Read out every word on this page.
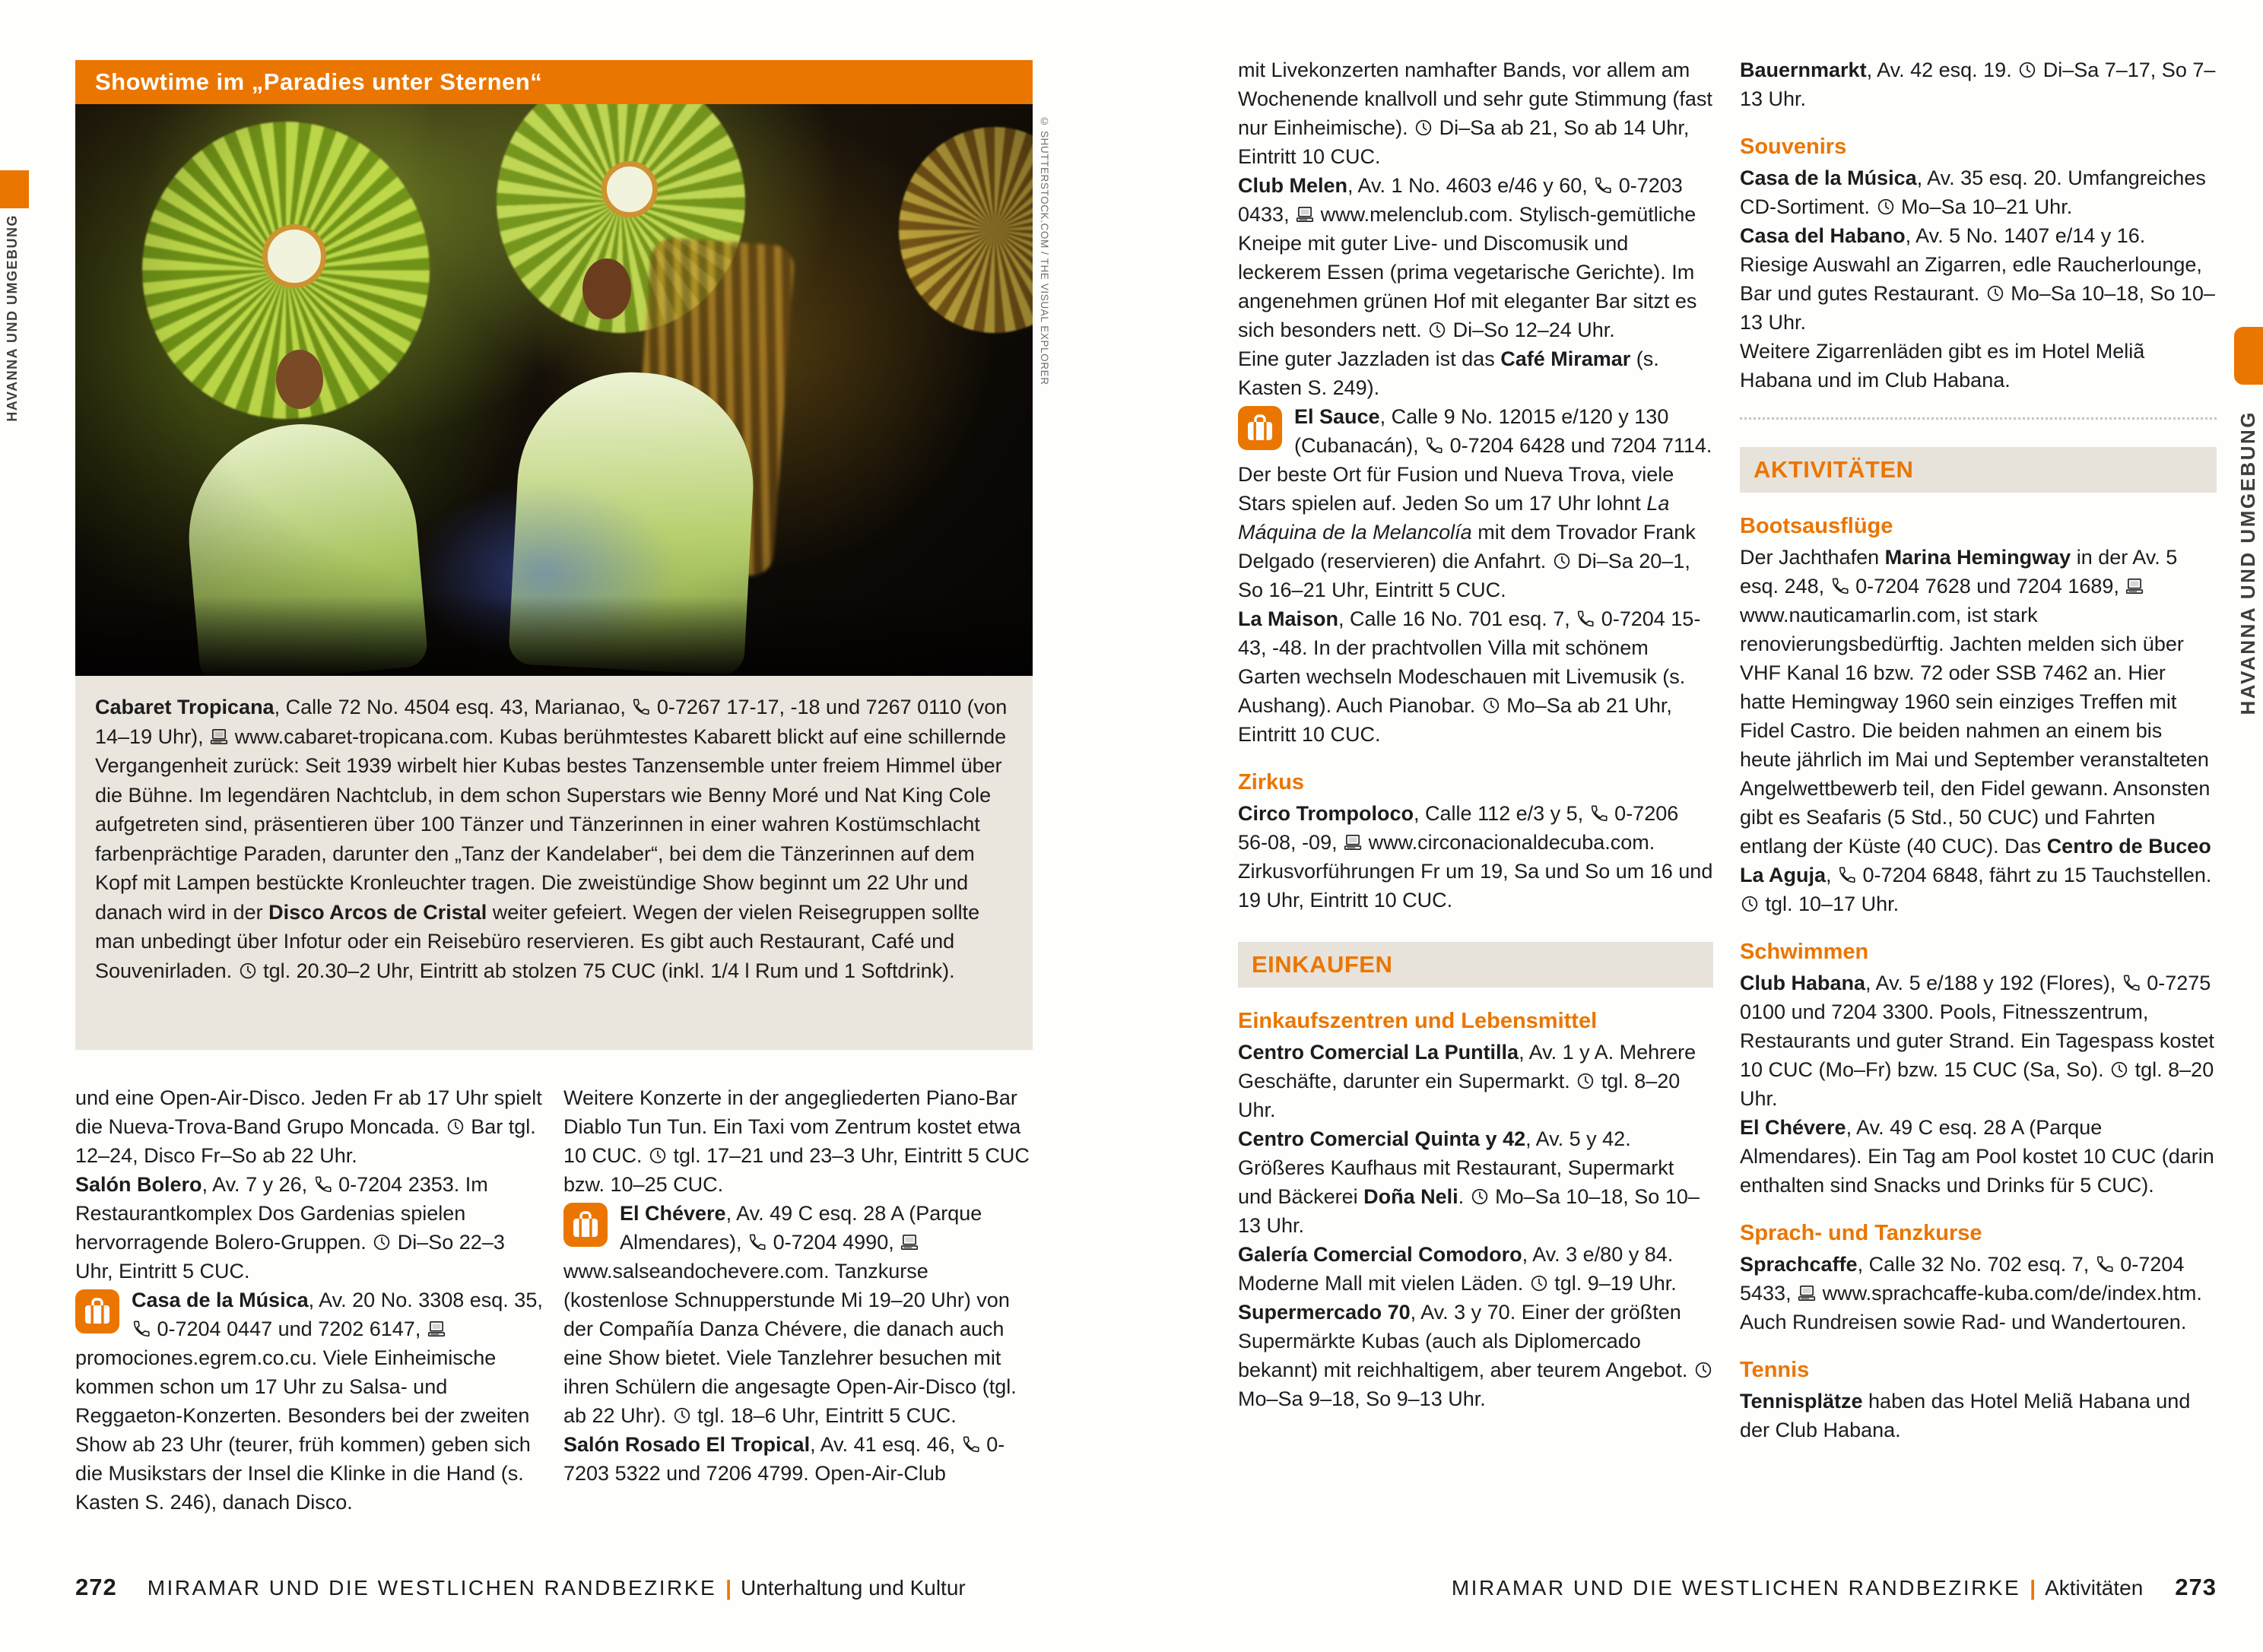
HAVANNA UND UMGEBUNG
HAVANNA UND UMGEBUNG
Showtime im „Paradies unter Sternen“
© SHUTTERSTOCK.COM / THE VISUAL EXPLORER
Cabaret Tropicana, Calle 72 No. 4504 esq. 43, Marianao,  0-7267 17-17, -18 und 7267 0110 (von 14–19 Uhr),  www.cabaret-tropicana.com. Kubas berühmtestes Kabarett blickt auf eine schillernde Vergangenheit zurück: Seit 1939 wirbelt hier Kubas bestes Tanzensemble unter freiem Himmel über die Bühne. Im legendären Nachtclub, in dem schon Superstars wie Benny Moré und Nat King Cole aufgetreten sind, präsentieren über 100 Tänzer und Tänzerinnen in einer wahren Kostümschlacht farbenprächtige Paraden, darunter den „Tanz der Kandelaber“, bei dem die Tänzerinnen auf dem Kopf mit Lampen bestückte Kronleuchter tragen. Die zweistündige Show beginnt um 22 Uhr und danach wird in der Disco Arcos de Cristal weiter gefeiert. Wegen der vielen Reisegruppen sollte man unbedingt über Infotur oder ein Reisebüro reservieren. Es gibt auch Restaurant, Café und Souvenirladen.  tgl. 20.30–2 Uhr, Eintritt ab stolzen 75 CUC (inkl. 1/4 l Rum und 1 Softdrink).

und eine Open-Air-Disco. Jeden Fr ab 17 Uhr spielt die Nueva-Trova-Band Grupo Moncada.  Bar tgl. 12–24, Disco Fr–So ab 22 Uhr.

Salón Bolero, Av. 7 y 26,  0-7204 2353. Im Restaurantkomplex Dos Gardenias spielen hervorragende Bolero-Gruppen.  Di–So 22–3 Uhr, Eintritt 5 CUC.

Casa de la Música, Av. 20 No. 3308 esq. 35,  0-7204 0447 und 7202 6147,  promociones.egrem.co.cu. Viele Einheimische kommen schon um 17 Uhr zu Salsa- und Reggaeton-Konzerten. Besonders bei der zweiten Show ab 23 Uhr (teurer, früh kommen) geben sich die Musikstars der Insel die Klinke in die Hand (s. Kasten S. 246), danach Disco.

Weitere Konzerte in der angegliederten Piano-Bar Diablo Tun Tun. Ein Taxi vom Zentrum kostet etwa 10 CUC.  tgl. 17–21 und 23–3 Uhr, Eintritt 5 CUC bzw. 10–25 CUC.

El Chévere, Av. 49 C esq. 28 A (Parque Almendares),  0-7204 4990,  www.salseandochevere.com. Tanzkurse (kostenlose Schnupperstunde Mi 19–20 Uhr) von der Compañía Danza Chévere, die danach auch eine Show bietet. Viele Tanzlehrer besuchen mit ihren Schülern die angesagte Open-Air-Disco (tgl. ab 22 Uhr).  tgl. 18–6 Uhr, Eintritt 5 CUC.

Salón Rosado El Tropical, Av. 41 esq. 46,  0-7203 5322 und 7206 4799. Open-Air-Club

272 MIRAMAR UND DIE WESTLICHEN RANDBEZIRKE | Unterhaltung und Kultur

mit Livekonzerten namhafter Bands, vor allem am Wochenende knallvoll und sehr gute Stimmung (fast nur Einheimische).  Di–Sa ab 21, So ab 14 Uhr, Eintritt 10 CUC.

Club Melen, Av. 1 No. 4603 e/46 y 60,  0-7203 0433,  www.melenclub.com. Stylisch-gemütliche Kneipe mit guter Live- und Discomusik und leckerem Essen (prima vegetarische Gerichte). Im angenehmen grünen Hof mit eleganter Bar sitzt es sich besonders nett.  Di–So 12–24 Uhr.

Eine guter Jazzladen ist das Café Miramar (s. Kasten S. 249).

El Sauce, Calle 9 No. 12015 e/120 y 130 (Cubanacán),  0-7204 6428 und 7204 7114. Der beste Ort für Fusion und Nueva Trova, viele Stars spielen auf. Jeden So um 17 Uhr lohnt La Máquina de la Melancolía mit dem Trovador Frank Delgado (reservieren) die Anfahrt.  Di–Sa 20–1, So 16–21 Uhr, Eintritt 5 CUC.

La Maison, Calle 16 No. 701 esq. 7,  0-7204 15-43, -48. In der prachtvollen Villa mit schönem Garten wechseln Modeschauen mit Livemusik (s. Aushang). Auch Pianobar.  Mo–Sa ab 21 Uhr, Eintritt 10 CUC.

Zirkus

Circo Trompoloco, Calle 112 e/3 y 5,  0-7206 56-08, -09,  www.circonacionaldecuba.com. Zirkusvorführungen Fr um 19, Sa und So um 16 und 19 Uhr, Eintritt 10 CUC.

EINKAUFEN
Einkaufszentren und Lebensmittel

Centro Comercial La Puntilla, Av. 1 y A. Mehrere Geschäfte, darunter ein Supermarkt.  tgl. 8–20 Uhr.

Centro Comercial Quinta y 42, Av. 5 y 42. Größeres Kaufhaus mit Restaurant, Supermarkt und Bäckerei Doña Neli.  Mo–Sa 10–18, So 10–13 Uhr.

Galería Comercial Comodoro, Av. 3 e/80 y 84. Moderne Mall mit vielen Läden.  tgl. 9–19 Uhr.

Supermercado 70, Av. 3 y 70. Einer der größten Supermärkte Kubas (auch als Diplomercado bekannt) mit reichhaltigem, aber teurem Angebot.  Mo–Sa 9–18, So 9–13 Uhr.

Bauernmarkt, Av. 42 esq. 19.  Di–Sa 7–17, So 7–13 Uhr.

Souvenirs

Casa de la Música, Av. 35 esq. 20. Umfangreiches CD-Sortiment.  Mo–Sa 10–21 Uhr.

Casa del Habano, Av. 5 No. 1407 e/14 y 16. Riesige Auswahl an Zigarren, edle Raucherlounge, Bar und gutes Restaurant.  Mo–Sa 10–18, So 10–13 Uhr.

Weitere Zigarrenläden gibt es im Hotel Meliã Habana und im Club Habana.

AKTIVITÄTEN
Bootsausflüge

Der Jachthafen Marina Hemingway in der Av. 5 esq. 248,  0-7204 7628 und 7204 1689,  www.nauticamarlin.com, ist stark renovierungsbedürftig. Jachten melden sich über VHF Kanal 16 bzw. 72 oder SSB 7462 an. Hier hatte Hemingway 1960 sein einziges Treffen mit Fidel Castro. Die beiden nahmen an einem bis heute jährlich im Mai und September veranstalteten Angelwettbewerb teil, den Fidel gewann. Ansonsten gibt es Seafaris (5 Std., 50 CUC) und Fahrten entlang der Küste (40 CUC). Das Centro de Buceo La Aguja,  0-7204 6848, fährt zu 15 Tauchstellen.  tgl. 10–17 Uhr.

Schwimmen

Club Habana, Av. 5 e/188 y 192 (Flores),  0-7275 0100 und 7204 3300. Pools, Fitnesszentrum, Restaurants und guter Strand. Ein Tagespass kostet 10 CUC (Mo–Fr) bzw. 15 CUC (Sa, So).  tgl. 8–20 Uhr.

El Chévere, Av. 49 C esq. 28 A (Parque Almendares). Ein Tag am Pool kostet 10 CUC (darin enthalten sind Snacks und Drinks für 5 CUC).

Sprach- und Tanzkurse

Sprachcaffe, Calle 32 No. 702 esq. 7,  0-7204 5433,  www.sprachcaffe-kuba.com/de/index.htm. Auch Rundreisen sowie Rad- und Wandertouren.

Tennis

Tennisplätze haben das Hotel Meliã Habana und der Club Habana.

MIRAMAR UND DIE WESTLICHEN RANDBEZIRKE | Aktivitäten 273
